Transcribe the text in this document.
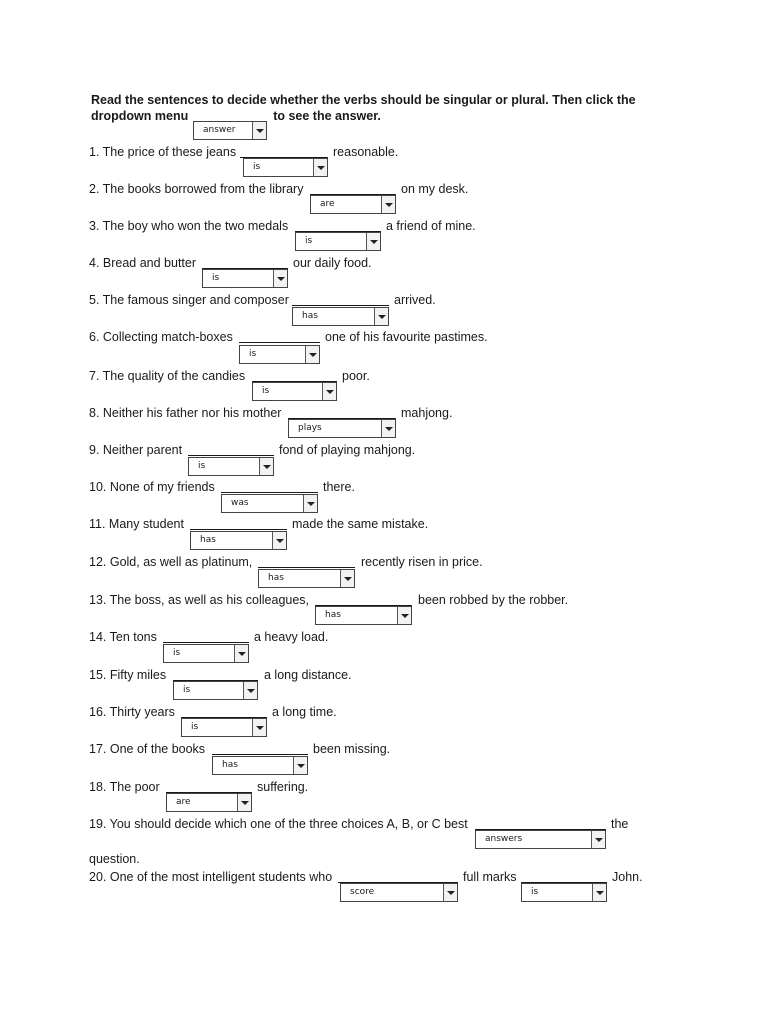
Read the sentences to decide whether the verbs should be singular or plural. Then click the dropdown menu	to see the answer.
answer
1. The price of these jeans	reasonable.
is
2. The books borrowed from the library	on my desk.
are
3. The boy who won the two medals	a friend of mine.
is
4. Bread and butter	our daily food.
is
5. The famous singer and composer	arrived.
has
6. Collecting match-boxes	one of his favourite pastimes.
is
7. The quality of the candies	poor.
is
8. Neither his father nor his mother	mahjong.
plays
9. Neither parent	fond of playing mahjong.
is
10. None of my friends	there.
was
11. Many student	made the same mistake.
has
12. Gold, as well as platinum,	recently risen in price.
has
13. The boss, as well as his colleagues,	been robbed by the robber.
has
14. Ten tons	a heavy load.
is
15. Fifty miles	a long distance.
is
16. Thirty years	a long time.
is
17. One of the books	been missing.
has
18. The poor	suffering.
are
19. You should decide which one of the three choices A, B, or C best	the
answers
question.
20. One of the most intelligent students who	full marks	John.
score	is
